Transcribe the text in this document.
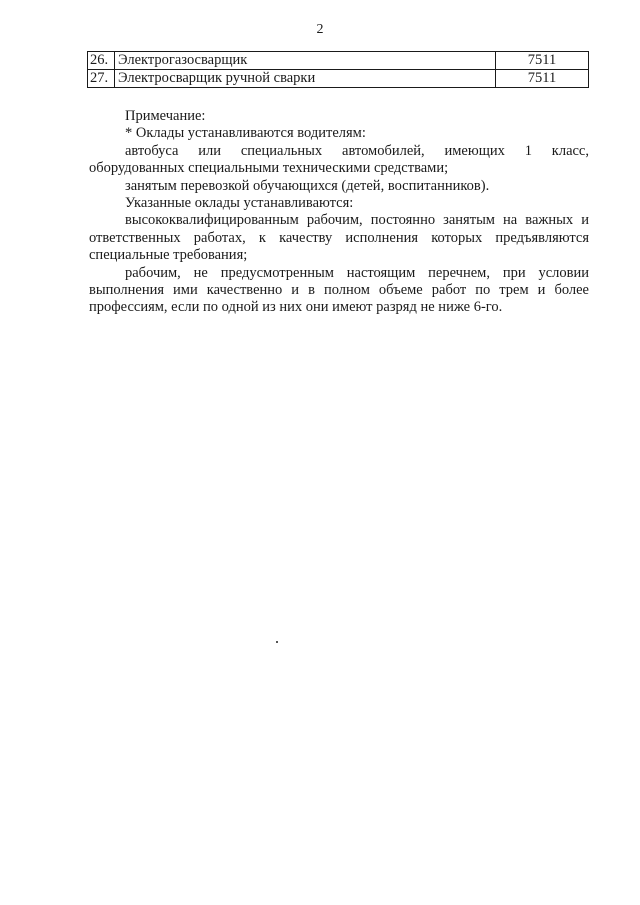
2
26.	Электрогазосварщик	7511
27.	Электросварщик ручной сварки	7511

Примечание:

* Оклады устанавливаются водителям:

автобуса или специальных автомобилей, имеющих 1 класс, оборудованных специальными техническими средствами;

занятым перевозкой обучающихся (детей, воспитанников).

Указанные оклады устанавливаются:

высококвалифицированным рабочим, постоянно занятым на важных и ответственных работах, к качеству исполнения которых предъявляются специальные требования;

рабочим, не предусмотренным настоящим перечнем, при условии выполнения ими качественно и в полном объеме работ по трем и более профессиям, если по одной из них они имеют разряд не ниже 6-го.
